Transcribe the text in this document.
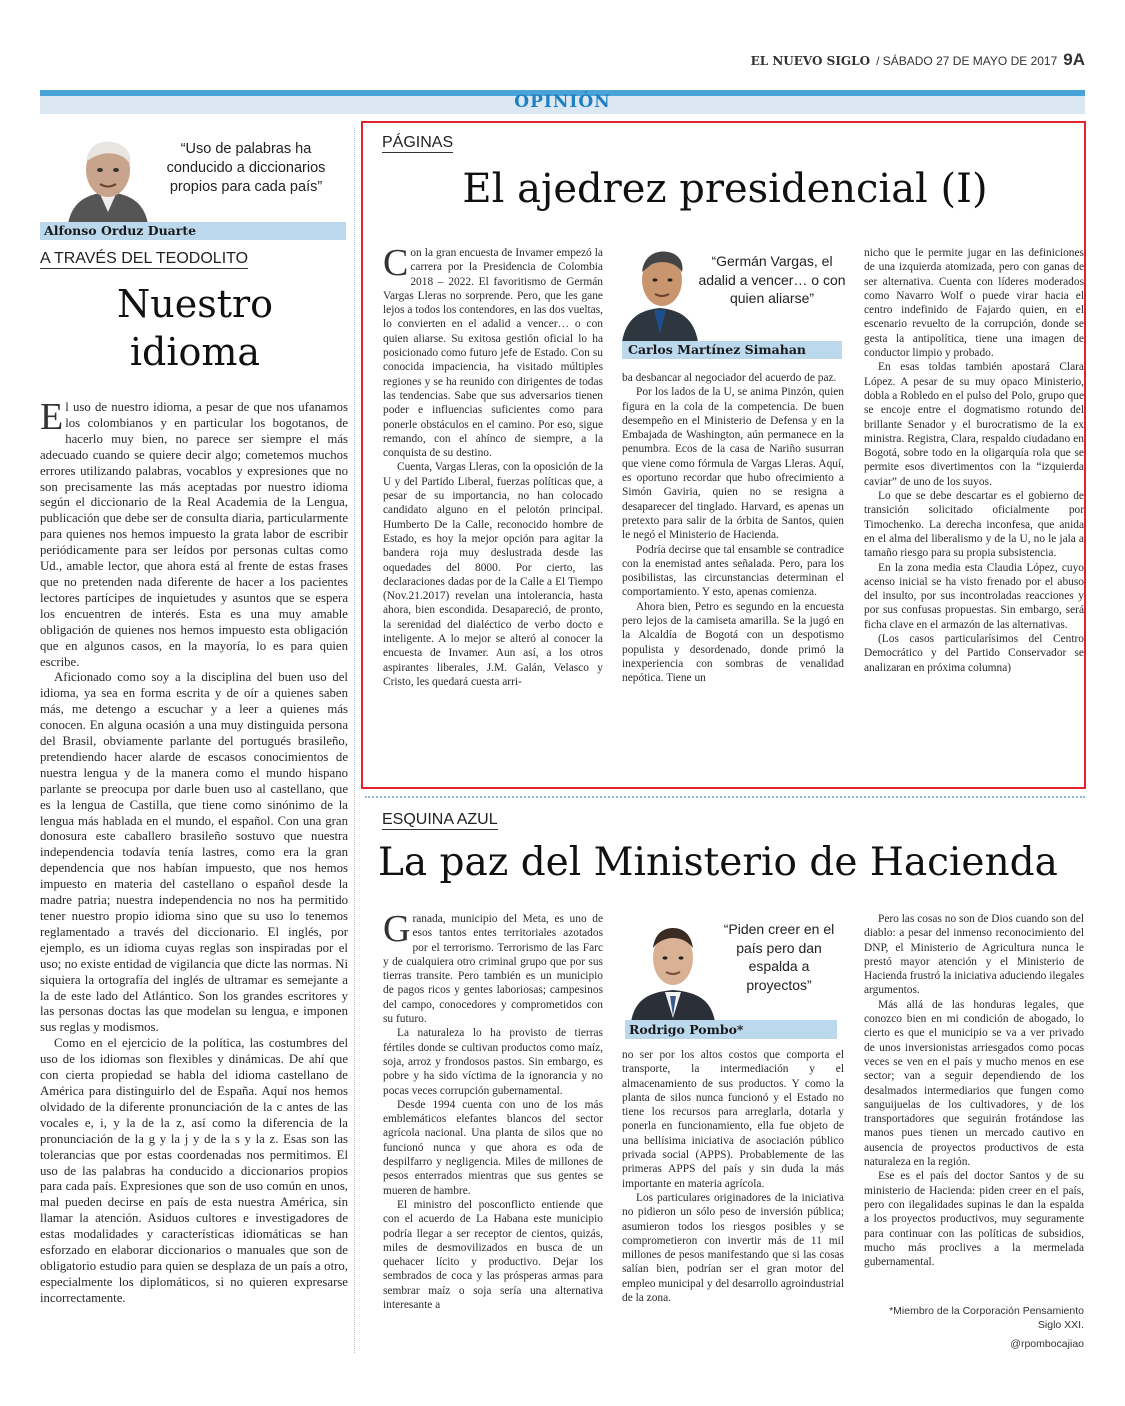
EL NUEVO SIGLO / SÁBADO 27 DE MAYO DE 2017 9A
OPINIÓN
“Uso de palabras ha conducido a diccionarios propios para cada país”
Alfonso Orduz Duarte
A TRAVÉS DEL TEODOLITO
Nuestro idioma

El uso de nuestro idioma, a pesar de que nos ufanamos los colombianos y en particular los bogotanos, de hacerlo muy bien, no parece ser siempre el más adecuado cuando se quiere decir algo; cometemos muchos errores utilizando palabras, vocablos y expresiones que no son precisamente las más aceptadas por nuestro idioma según el diccionario de la Real Academia de la Lengua, publicación que debe ser de consulta diaria, particularmente para quienes nos hemos impuesto la grata labor de escribir periódicamente para ser leídos por personas cultas como Ud., amable lector, que ahora está al frente de estas frases que no pretenden nada diferente de hacer a los pacientes lectores partícipes de inquietudes y asuntos que se espera los encuentren de interés. Esta es una muy amable obligación de quienes nos hemos impuesto esta obligación que en algunos casos, en la mayoría, lo es para quien escribe.

Aficionado como soy a la disciplina del buen uso del idioma, ya sea en forma escrita y de oír a quienes saben más, me detengo a escuchar y a leer a quienes más conocen. En alguna ocasión a una muy distinguida persona del Brasil, obviamente parlante del portugués brasileño, pretendiendo hacer alarde de escasos conocimientos de nuestra lengua y de la manera como el mundo hispano parlante se preocupa por darle buen uso al castellano, que es la lengua de Castilla, que tiene como sinónimo de la lengua más hablada en el mundo, el español. Con una gran donosura este caballero brasileño sostuvo que nuestra independencia todavía tenía lastres, como era la gran dependencia que nos habían impuesto, que nos hemos impuesto en materia del castellano o español desde la madre patria; nuestra independencia no nos ha permitido tener nuestro propio idioma sino que su uso lo tenemos reglamentado a través del diccionario. El inglés, por ejemplo, es un idioma cuyas reglas son inspiradas por el uso; no existe entidad de vigilancia que dicte las normas. Ni siquiera la ortografía del inglés de ultramar es semejante a la de este lado del Atlántico. Son los grandes escritores y las personas doctas las que modelan su lengua, e imponen sus reglas y modismos.

Como en el ejercicio de la política, las costumbres del uso de los idiomas son flexibles y dinámicas. De ahí que con cierta propiedad se habla del idioma castellano de América para distinguirlo del de España. Aquí nos hemos olvidado de la diferente pronunciación de la c antes de las vocales e, i, y la de la z, así como la diferencia de la pronunciación de la g y la j y de la s y la z. Esas son las tolerancias que por estas coordenadas nos permitimos. El uso de las palabras ha conducido a diccionarios propios para cada país. Expresiones que son de uso común en unos, mal pueden decirse en país de esta nuestra América, sin llamar la atención. Asiduos cultores e investigadores de estas modalidades y características idiomáticas se han esforzado en elaborar diccionarios o manuales que son de obligatorio estudio para quien se desplaza de un país a otro, especialmente los diplomáticos, si no quieren expresarse incorrectamente.

PÁGINAS
El ajedrez presidencial (I)

Con la gran encuesta de Invamer empezó la carrera por la Presidencia de Colombia 2018 – 2022. El favoritismo de Germán Vargas Lleras no sorprende. Pero, que les gane lejos a todos los contendores, en las dos vueltas, lo convierten en el adalid a vencer… o con quien aliarse. Su exitosa gestión oficial lo ha posicionado como futuro jefe de Estado. Con su conocida impaciencia, ha visitado múltiples regiones y se ha reunido con dirigentes de todas las tendencias. Sabe que sus adversarios tienen poder e influencias suficientes como para ponerle obstáculos en el camino. Por eso, sigue remando, con el ahínco de siempre, a la conquista de su destino.

Cuenta, Vargas Lleras, con la oposición de la U y del Partido Liberal, fuerzas políticas que, a pesar de su importancia, no han colocado candidato alguno en el pelotón principal. Humberto De la Calle, reconocido hombre de Estado, es hoy la mejor opción para agitar la bandera roja muy deslustrada desde las oquedades del 8000. Por cierto, las declaraciones dadas por de la Calle a El Tiempo (Nov.21.2017) revelan una intolerancia, hasta ahora, bien escondida. Desapareció, de pronto, la serenidad del dialéctico de verbo docto e inteligente. A lo mejor se alteró al conocer la encuesta de Invamer. Aun así, a los otros aspirantes liberales, J.M. Galán, Velasco y Cristo, les quedará cuesta arri-

“Germán Vargas, el adalid a vencer… o con quien aliarse”
Carlos Martínez Simahan

ba desbancar al negociador del acuerdo de paz.

Por los lados de la U, se anima Pinzón, quien figura en la cola de la competencia. De buen desempeño en el Ministerio de Defensa y en la Embajada de Washington, aún permanece en la penumbra. Ecos de la casa de Nariño susurran que viene como fórmula de Vargas Lleras. Aquí, es oportuno recordar que hubo ofrecimiento a Simón Gaviria, quien no se resigna a desaparecer del tinglado. Harvard, es apenas un pretexto para salir de la órbita de Santos, quien le negó el Ministerio de Hacienda.

Podría decirse que tal ensamble se contradice con la enemistad antes señalada. Pero, para los posibilistas, las circunstancias determinan el comportamiento. Y esto, apenas comienza.

Ahora bien, Petro es segundo en la encuesta pero lejos de la camiseta amarilla. Se la jugó en la Alcaldía de Bogotá con un despotismo populista y desordenado, donde primó la inexperiencia con sombras de venalidad nepótica. Tiene un

nicho que le permite jugar en las definiciones de una izquierda atomizada, pero con ganas de ser alternativa. Cuenta con líderes moderados como Navarro Wolf o puede virar hacia el centro indefinido de Fajardo quien, en el escenario revuelto de la corrupción, donde se gesta la antipolítica, tiene una imagen de conductor limpio y probado.

En esas toldas también apostará Clara López. A pesar de su muy opaco Ministerio, dobla a Robledo en el pulso del Polo, grupo que se encoje entre el dogmatismo rotundo del brillante Senador y el burocratismo de la ex ministra. Registra, Clara, respaldo ciudadano en Bogotá, sobre todo en la oligarquía rola que se permite esos divertimentos con la “izquierda caviar” de uno de los suyos.

Lo que se debe descartar es el gobierno de transición solicitado oficialmente por Timochenko. La derecha inconfesa, que anida en el alma del liberalismo y de la U, no le jala a tamaño riesgo para su propia subsistencia.

En la zona media esta Claudia López, cuyo acenso inicial se ha visto frenado por el abuso del insulto, por sus incontroladas reacciones y por sus confusas propuestas. Sin embargo, será ficha clave en el armazón de las alternativas.

(Los casos particularísimos del Centro Democrático y del Partido Conservador se analizaran en próxima columna)

ESQUINA AZUL
La paz del Ministerio de Hacienda

Granada, municipio del Meta, es uno de esos tantos entes territoriales azotados por el terrorismo. Terrorismo de las Farc y de cualquiera otro criminal grupo que por sus tierras transite. Pero también es un municipio de pagos ricos y gentes laboriosas; campesinos del campo, conocedores y comprometidos con su futuro.

La naturaleza lo ha provisto de tierras fértiles donde se cultivan productos como maíz, soja, arroz y frondosos pastos. Sin embargo, es pobre y ha sido víctima de la ignorancia y no pocas veces corrupción gubernamental.

Desde 1994 cuenta con uno de los más emblemáticos elefantes blancos del sector agrícola nacional. Una planta de silos que no funcionó nunca y que ahora es oda de despilfarro y negligencia. Miles de millones de pesos enterrados mientras que sus gentes se mueren de hambre.

El ministro del posconflicto entiende que con el acuerdo de La Habana este municipio podría llegar a ser receptor de cientos, quizás, miles de desmovilizados en busca de un quehacer lícito y productivo. Dejar los sembrados de coca y las prósperas armas para sembrar maíz o soja sería una alternativa interesante a

“Piden creer en el país pero dan espalda a proyectos”
Rodrigo Pombo*

no ser por los altos costos que comporta el transporte, la intermediación y el almacenamiento de sus productos. Y como la planta de silos nunca funcionó y el Estado no tiene los recursos para arreglarla, dotarla y ponerla en funcionamiento, ella fue objeto de una bellísima iniciativa de asociación público privada social (APPS). Probablemente de las primeras APPS del país y sin duda la más importante en materia agrícola.

Los particulares originadores de la iniciativa no pidieron un sólo peso de inversión pública; asumieron todos los riesgos posibles y se comprometieron con invertir más de 11 mil millones de pesos manifestando que si las cosas salían bien, podrían ser el gran motor del empleo municipal y del desarrollo agroindustrial de la zona.

Pero las cosas no son de Dios cuando son del diablo: a pesar del inmenso reconocimiento del DNP, el Ministerio de Agricultura nunca le prestó mayor atención y el Ministerio de Hacienda frustró la iniciativa aduciendo ilegales argumentos.

Más allá de las honduras legales, que conozco bien en mi condición de abogado, lo cierto es que el municipio se va a ver privado de unos inversionistas arriesgados como pocas veces se ven en el país y mucho menos en ese sector; van a seguir dependiendo de los desalmados intermediarios que fungen como sanguijuelas de los cultivadores, y de los transportadores que seguirán frotándose las manos pues tienen un mercado cautivo en ausencia de proyectos productivos de esta naturaleza en la región.

Ese es el país del doctor Santos y de su ministerio de Hacienda: piden creer en el país, pero con ilegalidades supinas le dan la espalda a los proyectos productivos, muy seguramente para continuar con las políticas de subsidios, mucho más proclives a la mermelada gubernamental.

*Miembro de la Corporación Pensamiento Siglo XXI.
@rpombocajiao
